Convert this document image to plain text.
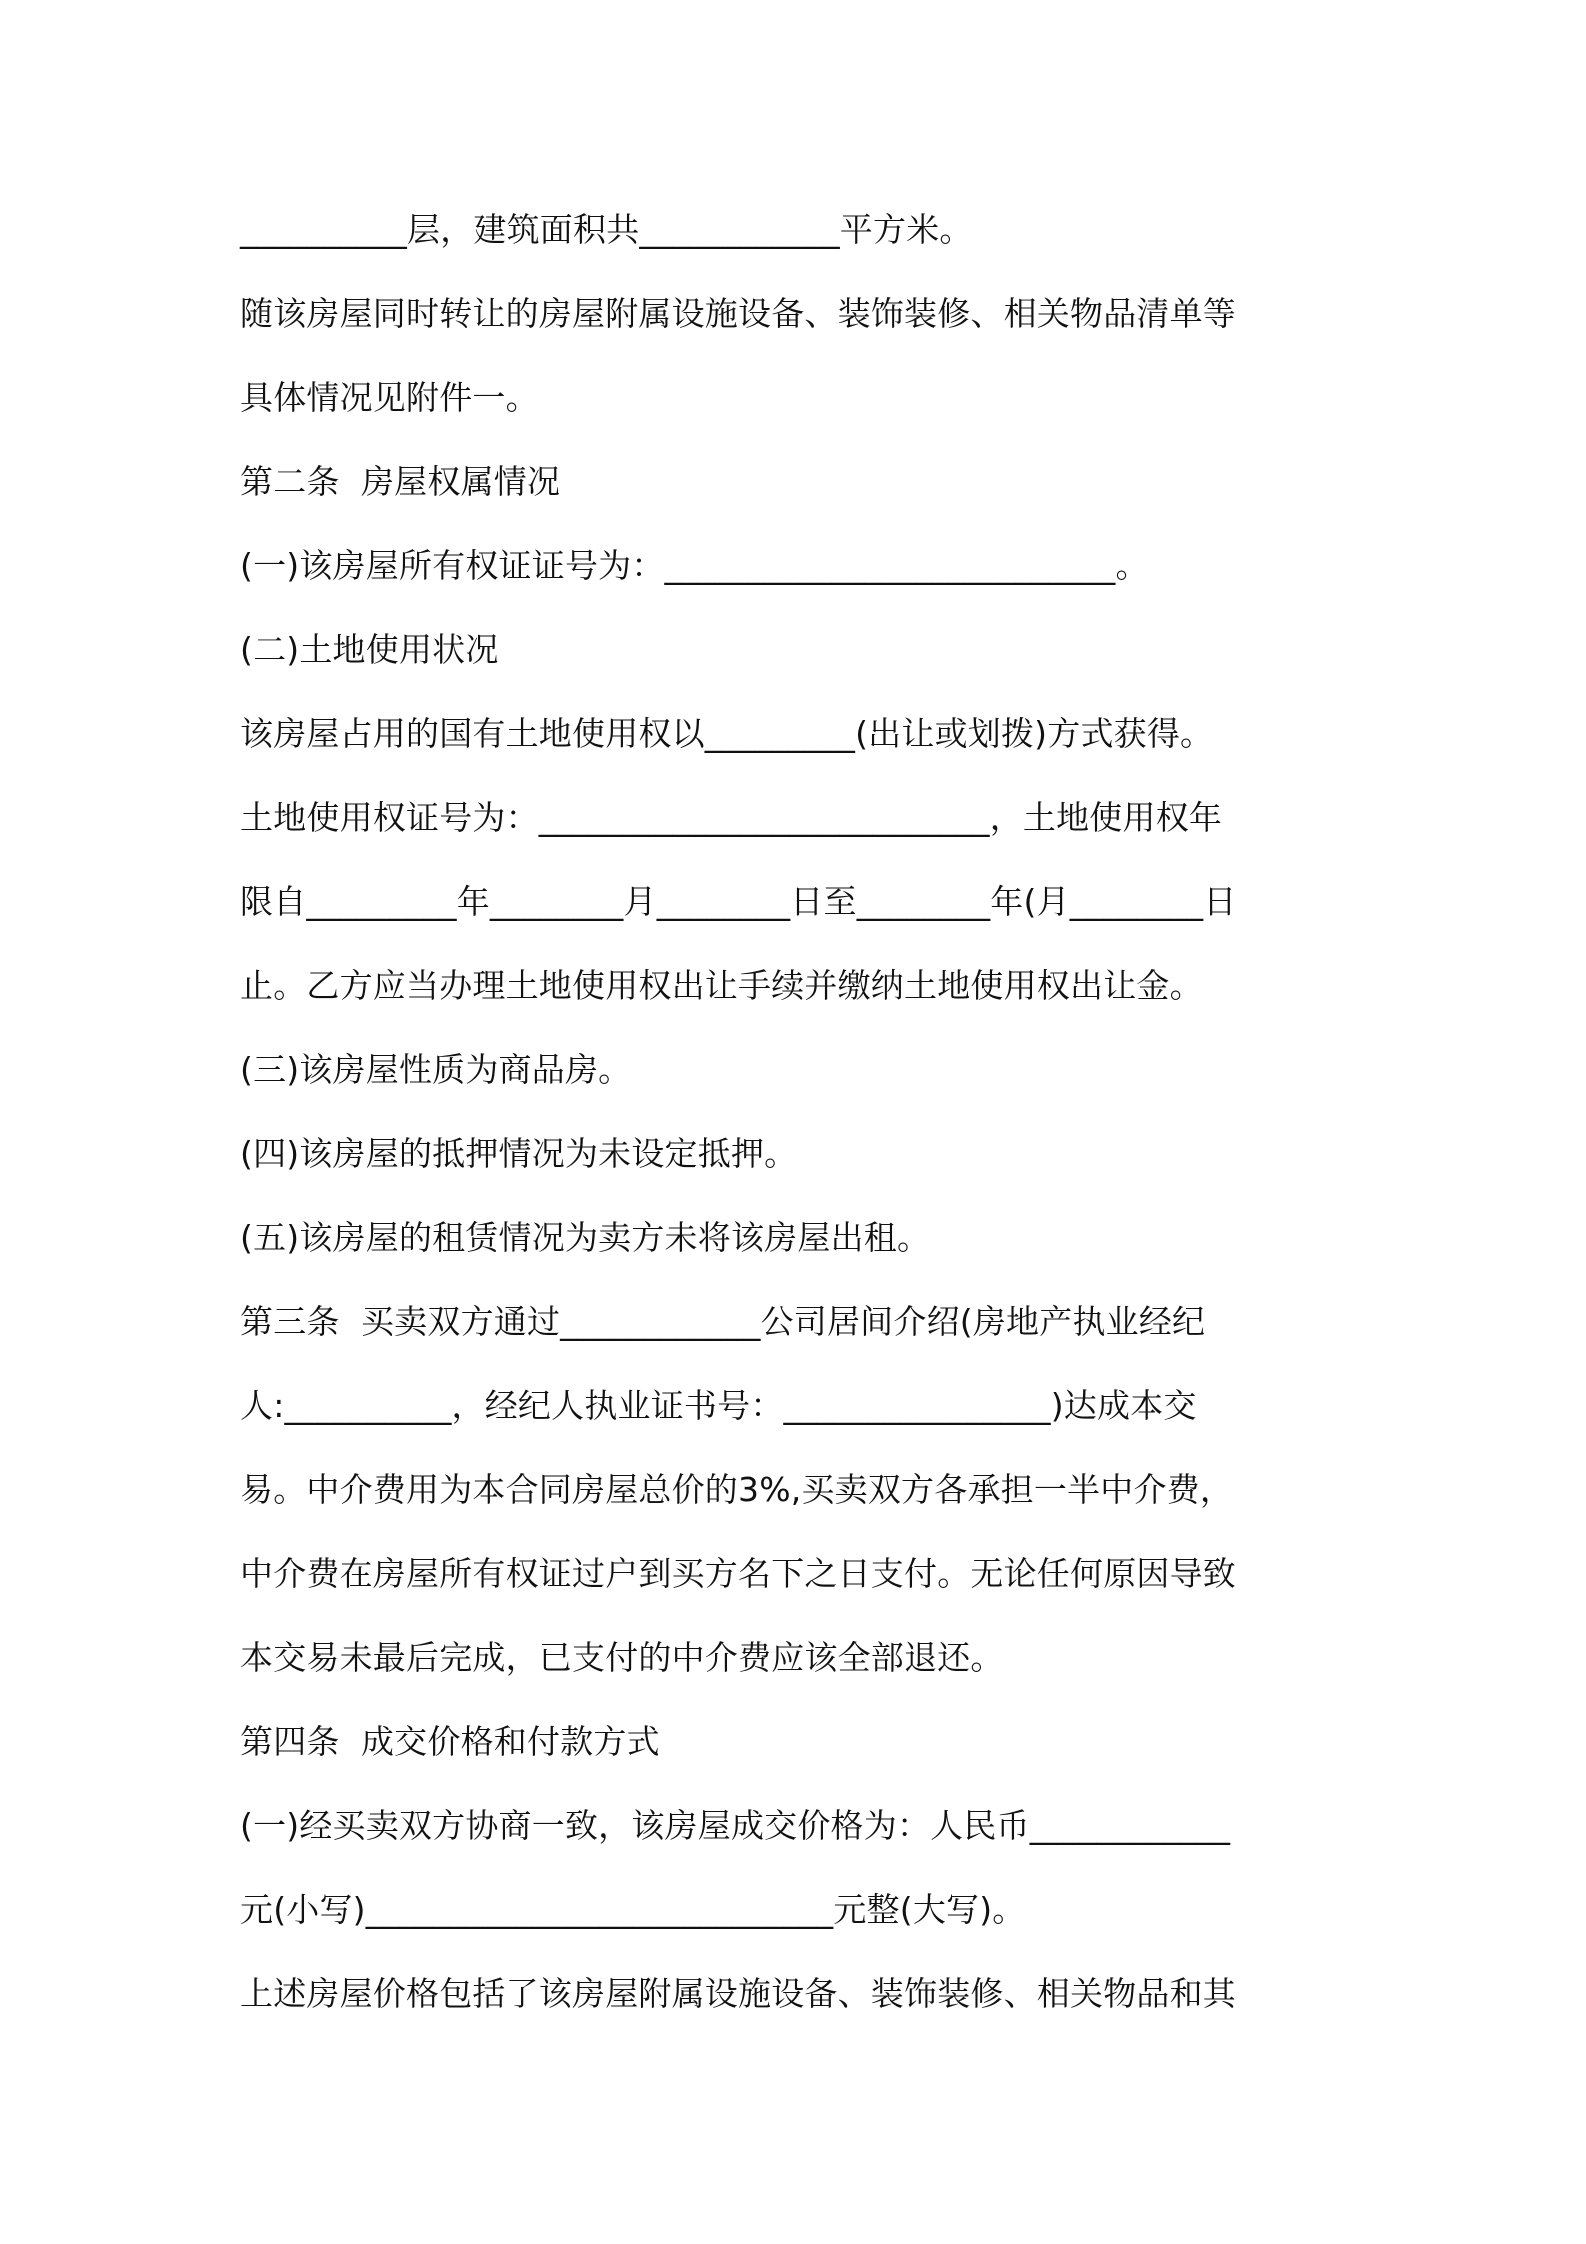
__________层，建筑面积共____________平方米。
随该房屋同时转让的房屋附属设施设备、装饰装修、相关物品清单等
具体情况见附件一。
第二条  房屋权属情况
(一)该房屋所有权证证号为：___________________________。
(二)土地使用状况
该房屋占用的国有土地使用权以_________(出让或划拨)方式获得。
土地使用权证号为：___________________________，土地使用权年
限自_________年________月________日至________年(月________日
止。乙方应当办理土地使用权出让手续并缴纳土地使用权出让金。
(三)该房屋性质为商品房。
(四)该房屋的抵押情况为未设定抵押。
(五)该房屋的租赁情况为卖方未将该房屋出租。
第三条  买卖双方通过____________公司居间介绍(房地产执业经纪
人:__________，经纪人执业证书号：________________)达成本交
易。中介费用为本合同房屋总价的3%,买卖双方各承担一半中介费，
中介费在房屋所有权证过户到买方名下之日支付。无论任何原因导致
本交易未最后完成，已支付的中介费应该全部退还。
第四条  成交价格和付款方式
(一)经买卖双方协商一致，该房屋成交价格为：人民币____________
元(小写)____________________________元整(大写)。
上述房屋价格包括了该房屋附属设施设备、装饰装修、相关物品和其
